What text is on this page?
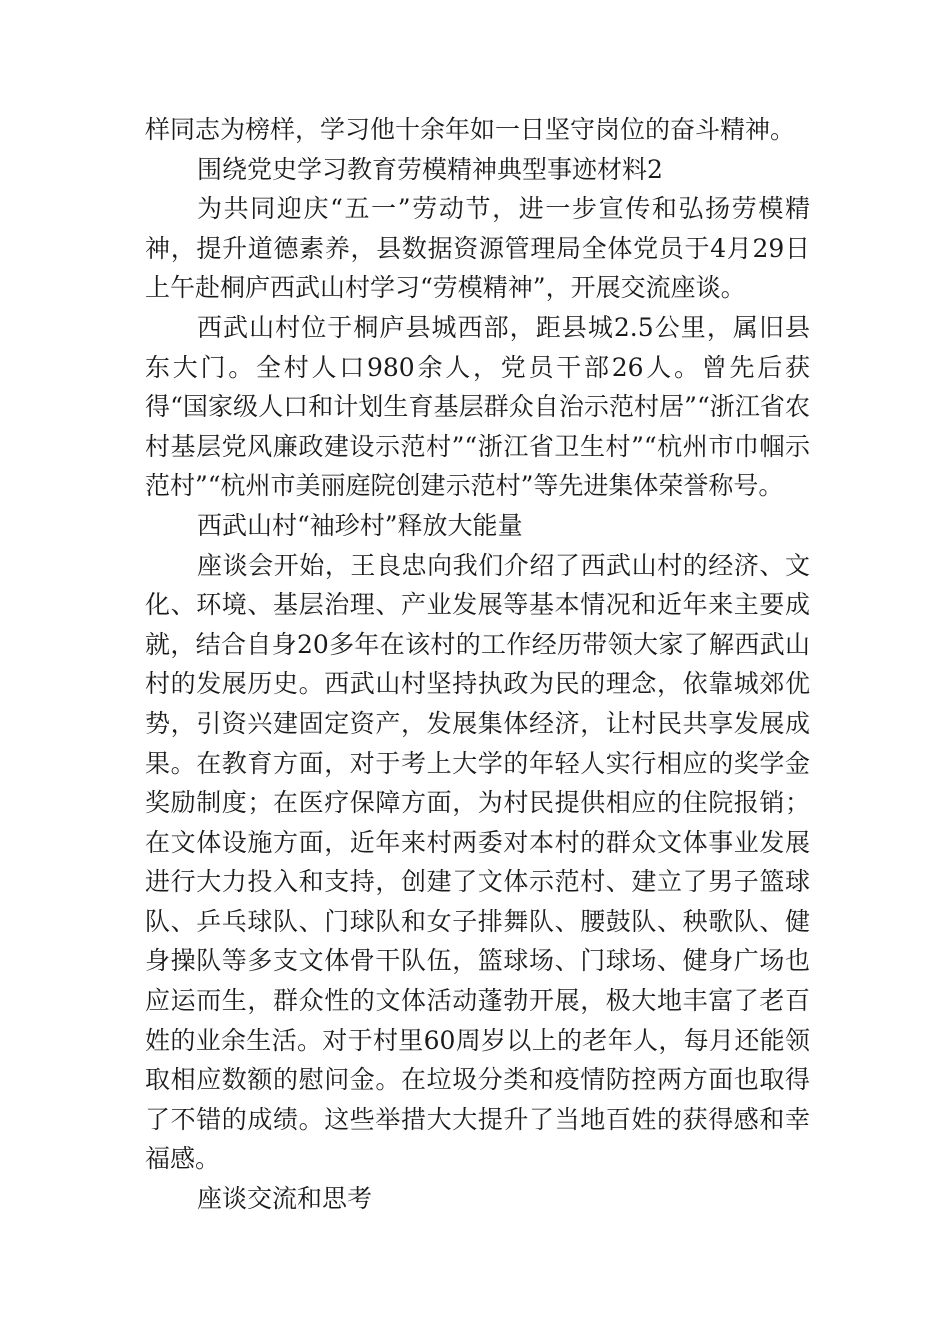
样同志为榜样，学习他十余年如一日坚守岗位的奋斗精神。

围绕党史学习教育劳模精神典型事迹材料2

为共同迎庆“五一”劳动节，进一步宣传和弘扬劳模精神，提升道德素养，县数据资源管理局全体党员于4月29日上午赴桐庐西武山村学习“劳模精神”，开展交流座谈。

西武山村位于桐庐县城西部，距县城2.5公里，属旧县东大门。全村人口980余人，党员干部26人。曾先后获得“国家级人口和计划生育基层群众自治示范村居”“浙江省农村基层党风廉政建设示范村”“浙江省卫生村”“杭州市巾帼示范村”“杭州市美丽庭院创建示范村”等先进集体荣誉称号。

西武山村“袖珍村”释放大能量

座谈会开始，王良忠向我们介绍了西武山村的经济、文化、环境、基层治理、产业发展等基本情况和近年来主要成就，结合自身20多年在该村的工作经历带领大家了解西武山村的发展历史。西武山村坚持执政为民的理念，依靠城郊优势，引资兴建固定资产，发展集体经济，让村民共享发展成果。在教育方面，对于考上大学的年轻人实行相应的奖学金奖励制度；在医疗保障方面，为村民提供相应的住院报销；在文体设施方面，近年来村两委对本村的群众文体事业发展进行大力投入和支持，创建了文体示范村、建立了男子篮球队、乒乓球队、门球队和女子排舞队、腰鼓队、秧歌队、健身操队等多支文体骨干队伍，篮球场、门球场、健身广场也应运而生，群众性的文体活动蓬勃开展，极大地丰富了老百姓的业余生活。对于村里60周岁以上的老年人，每月还能领取相应数额的慰问金。在垃圾分类和疫情防控两方面也取得了不错的成绩。这些举措大大提升了当地百姓的获得感和幸福感。

座谈交流和思考
